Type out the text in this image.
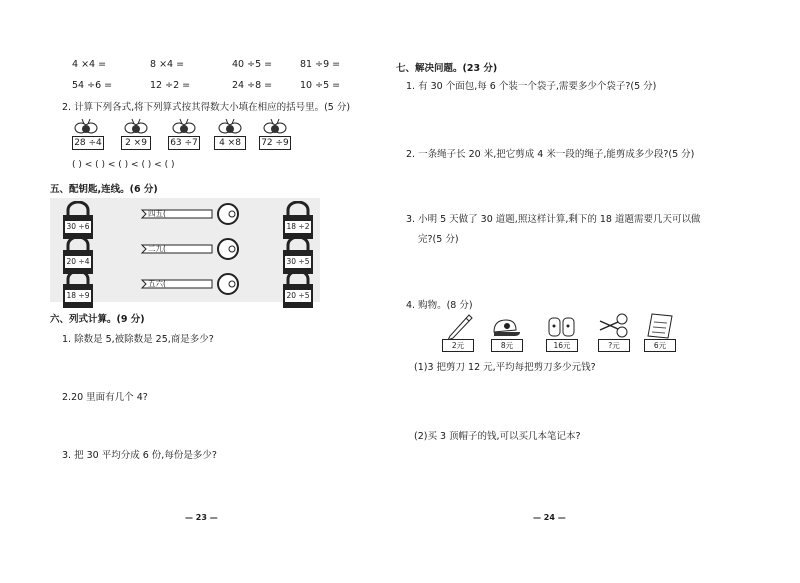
4 ×4 =	8 ×4 =	40 ÷5 =	81 ÷9 =
54 ÷6 =	12 ÷2 =	24 ÷8 =	10 ÷5 =
2. 计算下列各式,将下列算式按其得数大小填在相应的括号里。(5 分)
28 ÷4	2 ×9	63 ÷7	4 ×8	72 ÷9
( ) < ( ) < ( ) < ( ) < ( )
五、配钥匙,连线。(6 分)
30 ÷6
20 ÷4
18 ÷9
四五(
二九(
五六(
18 ÷2
30 ÷5
20 ÷5
六、列式计算。(9 分)
1. 除数是 5,被除数是 25,商是多少?
2.20 里面有几个 4?
3. 把 30 平均分成 6 份,每份是多少?
— 23 —
七、解决问题。(23 分)
1. 有 30 个面包,每 6 个装一个袋子,需要多少个袋子?(5 分)
2. 一条绳子长 20 米,把它剪成 4 米一段的绳子,能剪成多少段?(5 分)
3. 小明 5 天做了 30 道题,照这样计算,剩下的 18 道题需要几天可以做
完?(5 分)
4. 购物。(8 分)
2元	8元	16元	?元	6元
(1)3 把剪刀 12 元,平均每把剪刀多少元钱?
(2)买 3 顶帽子的钱,可以买几本笔记本?
— 24 —
